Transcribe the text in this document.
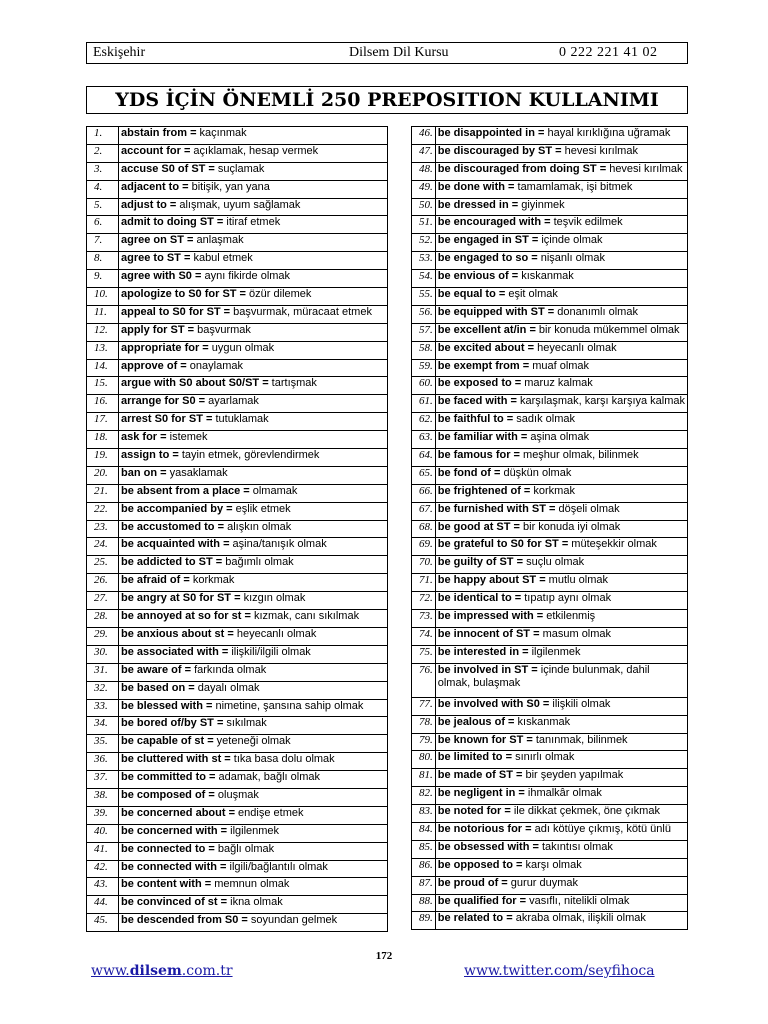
Eskişehir	Dilsem Dil Kursu	0 222 221 41 02
YDS İÇİN ÖNEMLİ 250 PREPOSITION KULLANIMI
1.	abstain from = kaçınmak
2.	account for = açıklamak, hesap vermek
3.	accuse S0 of ST = suçlamak
4.	adjacent to = bitişik, yan yana
5.	adjust to = alışmak, uyum sağlamak
6.	admit to doing ST = itiraf etmek
7.	agree on ST = anlaşmak
8.	agree to ST = kabul etmek
9.	agree with S0 = aynı fikirde olmak
10.	apologize to S0 for ST = özür dilemek
11.	appeal to S0 for ST = başvurmak, müracaat etmek
12.	apply for ST = başvurmak
13.	appropriate for = uygun olmak
14.	approve of = onaylamak
15.	argue with S0 about S0/ST = tartışmak
16.	arrange for S0 = ayarlamak
17.	arrest S0 for ST = tutuklamak
18.	ask for = istemek
19.	assign to = tayin etmek, görevlendirmek
20.	ban on = yasaklamak
21.	be absent from a place = olmamak
22.	be accompanied by = eşlik etmek
23.	be accustomed to = alışkın olmak
24.	be acquainted with = aşina/tanışık olmak
25.	be addicted to ST = bağımlı olmak
26.	be afraid of = korkmak
27.	be angry at S0 for ST = kızgın olmak
28.	be annoyed at so for st = kızmak, canı sıkılmak
29.	be anxious about st = heyecanlı olmak
30.	be associated with = ilişkili/ilgili olmak
31.	be aware of = farkında olmak
32.	be based on = dayalı olmak
33.	be blessed with = nimetine, şansına sahip olmak
34.	be bored of/by ST = sıkılmak
35.	be capable of st = yeteneği olmak
36.	be cluttered with st = tıka basa dolu olmak
37.	be committed to = adamak, bağlı olmak
38.	be composed of = oluşmak
39.	be concerned about = endişe etmek
40.	be concerned with = ilgilenmek
41.	be connected to = bağlı olmak
42.	be connected with = ilgili/bağlantılı olmak
43.	be content with = memnun olmak
44.	be convinced of st = ikna olmak
45.	be descended from S0 = soyundan gelmek
46.	be disappointed in = hayal kırıklığına uğramak
47.	be discouraged by ST = hevesi kırılmak
48.	be discouraged from doing ST = hevesi kırılmak
49.	be done with = tamamlamak, işi bitmek
50.	be dressed in = giyinmek
51.	be encouraged with = teşvik edilmek
52.	be engaged in ST = içinde olmak
53.	be engaged to so = nişanlı olmak
54.	be envious of = kıskanmak
55.	be equal to = eşit olmak
56.	be equipped with ST = donanımlı olmak
57.	be excellent at/in = bir konuda mükemmel olmak
58.	be excited about = heyecanlı olmak
59.	be exempt from = muaf olmak
60.	be exposed to = maruz kalmak
61.	be faced with = karşılaşmak, karşı karşıya kalmak
62.	be faithful to = sadık olmak
63.	be familiar with = aşina olmak
64.	be famous for = meşhur olmak, bilinmek
65.	be fond of = düşkün olmak
66.	be frightened of = korkmak
67.	be furnished with ST = döşeli olmak
68.	be good at ST = bir konuda iyi olmak
69.	be grateful to S0 for ST = müteşekkir olmak
70.	be guilty of ST = suçlu olmak
71.	be happy about ST = mutlu olmak
72.	be identical to = tıpatıp aynı olmak
73.	be impressed with = etkilenmiş
74.	be innocent of ST = masum olmak
75.	be interested in = ilgilenmek
76.	be involved in ST = içinde bulunmak, dahil olmak, bulaşmak
77.	be involved with S0 = ilişkili olmak
78.	be jealous of = kıskanmak
79.	be known for ST = tanınmak, bilinmek
80.	be limited to = sınırlı olmak
81.	be made of ST = bir şeyden yapılmak
82.	be negligent in = ihmalkâr olmak
83.	be noted for = ile dikkat çekmek, öne çıkmak
84.	be notorious for = adı kötüye çıkmış, kötü ünlü
85.	be obsessed with = takıntısı olmak
86.	be opposed to = karşı olmak
87.	be proud of = gurur duymak
88.	be qualified for = vasıflı, nitelikli olmak
89.	be related to = akraba olmak, ilişkili olmak
172
www.dilsem.com.tr	www.twitter.com/seyfihoca
